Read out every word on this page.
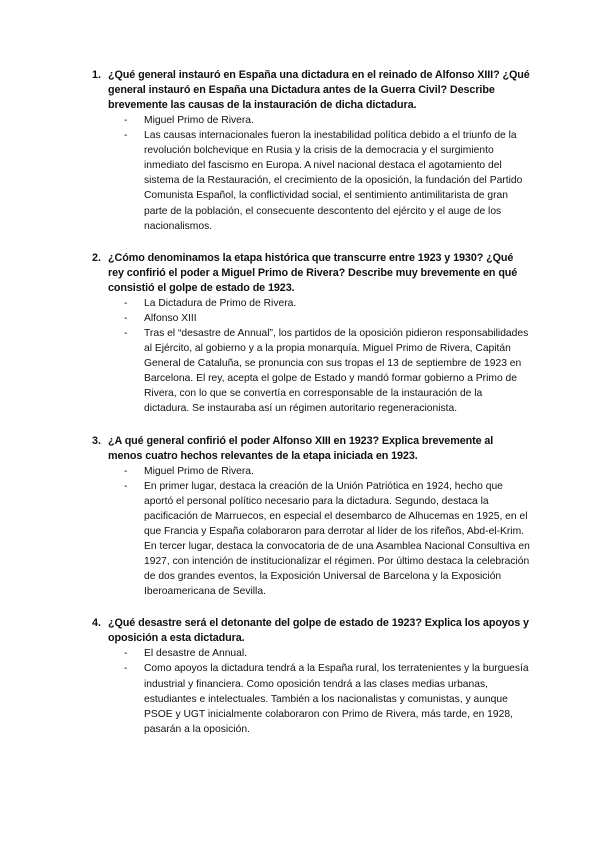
1. ¿Qué general instauró en España una dictadura en el reinado de Alfonso XIII? ¿Qué general instauró en España una Dictadura antes de la Guerra Civil? Describe brevemente las causas de la instauración de dicha dictadura.
-	Miguel Primo de Rivera.
-	Las causas internacionales fueron la inestabilidad política debido a el triunfo de la revolución bolchevique en Rusia y la crisis de la democracia y el surgimiento inmediato del fascismo en Europa. A nivel nacional destaca el agotamiento del sistema de la Restauración, el crecimiento de la oposición, la fundación del Partido Comunista Español, la conflictividad social, el sentimiento antimilitarista de gran parte de la población, el consecuente descontento del ejército y el auge de los nacionalismos.
2. ¿Cómo denominamos la etapa histórica que transcurre entre 1923 y 1930? ¿Qué rey confirió el poder a Miguel Primo de Rivera? Describe muy brevemente en qué consistió el golpe de estado de 1923.
-	La Dictadura de Primo de Rivera.
-	Alfonso XIII
-	Tras el “desastre de Annual”, los partidos de la oposición pidieron responsabilidades al Ejército, al gobierno y a la propia monarquía. Miguel Primo de Rivera, Capitán General de Cataluña, se pronuncia con sus tropas el 13 de septiembre de 1923 en Barcelona. El rey, acepta el golpe de Estado y mandó formar gobierno a Primo de Rivera, con lo que se convertía en corresponsable de la instauración de la dictadura. Se instauraba así un régimen autoritario regeneracionista.
3. ¿A qué general confirió el poder Alfonso XIII en 1923? Explica brevemente al menos cuatro hechos relevantes de la etapa iniciada en 1923.
-	Miguel Primo de Rivera.
-	En primer lugar, destaca la creación de la Unión Patriótica en 1924, hecho que aportó el personal político necesario para la dictadura. Segundo, destaca la pacificación de Marruecos, en especial el desembarco de Alhucemas en 1925, en el que Francia y España colaboraron para derrotar al líder de los rifeños, Abd-el-Krim. En tercer lugar, destaca la convocatoria de de una Asamblea Nacional Consultiva en 1927, con intención de institucionalizar el régimen. Por último destaca la celebración de dos grandes eventos, la Exposición Universal de Barcelona y la Exposición Iberoamericana de Sevilla.
4. ¿Qué desastre será el detonante del golpe de estado de 1923? Explica los apoyos y oposición a esta dictadura.
-	El desastre de Annual.
-	Como apoyos la dictadura tendrá a la España rural, los terratenientes y la burguesía industrial y financiera. Como oposición tendrá a las clases medias urbanas, estudiantes e intelectuales. También a los nacionalistas y comunistas, y aunque PSOE y UGT inicialmente colaboraron con Primo de Rivera, más tarde, en 1928, pasarán a la oposición.
